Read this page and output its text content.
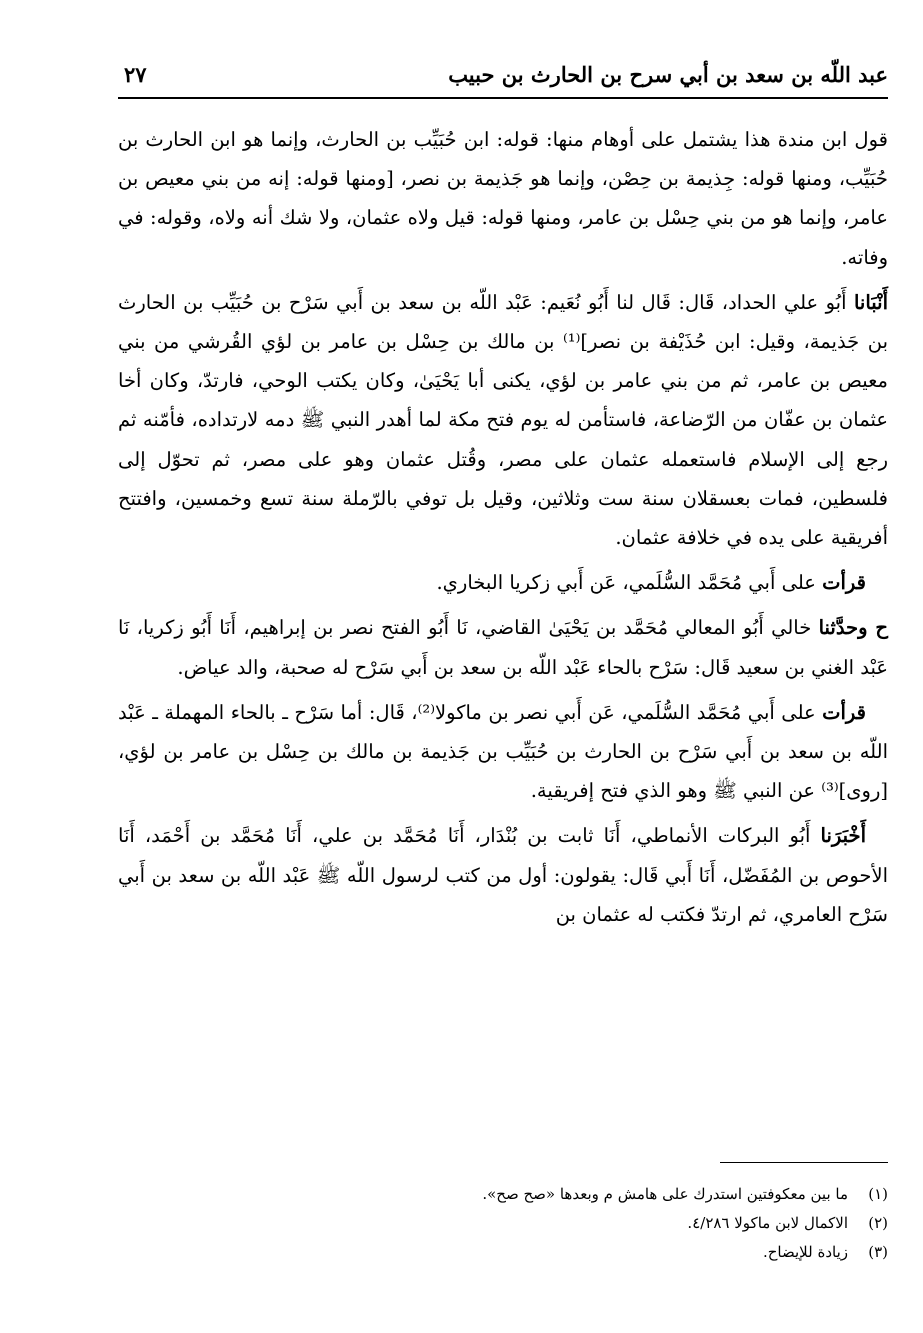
عبد اللّه بن سعد بن أبي سرح بن الحارث بن حبيب
٢٧

قول ابن مندة هذا يشتمل على أوهام منها: قوله: ابن حُبَيِّب بن الحارث، وإنما هو ابن الحارث بن حُبَيِّب، ومنها قوله: جِذيمة بن حِصْن، وإنما هو جَذيمة بن نصر، [ومنها قوله: إنه من بني معيص بن عامر، وإنما هو من بني حِسْل بن عامر، ومنها قوله: قيل ولاه عثمان، ولا شك أنه ولاه، وقوله: في وفاته.

أَنْبَانا أَبُو علي الحداد، قَال: قَال لنا أَبُو نُعَيم: عَبْد اللّه بن سعد بن أَبي سَرْح بن حُبَيِّب بن الحارث بن جَذيمة، وقيل: ابن حُذَيْفة بن نصر]⁽¹⁾ بن مالك بن حِسْل بن عامر بن لؤي القُرشي من بني معيص بن عامر، ثم من بني عامر بن لؤي، يكنى أبا يَحْيَىٰ، وكان يكتب الوحي، فارتدّ، وكان أخا عثمان بن عفّان من الرّضاعة، فاستأمن له يوم فتح مكة لما أهدر النبي ﷺ دمه لارتداده، فأمّنه ثم رجع إلى الإسلام فاستعمله عثمان على مصر، وقُتل عثمان وهو على مصر، ثم تحوّل إلى فلسطين، فمات بعسقلان سنة ست وثلاثين، وقيل بل توفي بالرّملة سنة تسع وخمسين، وافتتح أفريقية على يده في خلافة عثمان.

قرأت على أَبي مُحَمَّد السُّلَمي، عَن أَبي زكريا البخاري.

ح وحدَّثنا خالي أَبُو المعالي مُحَمَّد بن يَحْيَىٰ القاضي، نَا أَبُو الفتح نصر بن إبراهيم، أَنَا أَبُو زكريا، نَا عَبْد الغني بن سعيد قَال: سَرْح بالحاء عَبْد اللّه بن سعد بن أَبي سَرْح له صحبة، والد عياض.

قرأت على أَبي مُحَمَّد السُّلَمي، عَن أَبي نصر بن ماكولا⁽²⁾، قَال: أما سَرْح ـ بالحاء المهملة ـ عَبْد اللّه بن سعد بن أَبي سَرْح بن الحارث بن حُبَيِّب بن جَذيمة بن مالك بن حِسْل بن عامر بن لؤي، [روى]⁽³⁾ عن النبي ﷺ وهو الذي فتح إفريقية.

أَخْبَرَنا أَبُو البركات الأنماطي، أَنَا ثابت بن بُنْدَار، أَنَا مُحَمَّد بن علي، أَنَا مُحَمَّد بن أَحْمَد، أَنَا الأحوص بن المُفَضّل، أَنَا أَبي قَال: يقولون: أول من كتب لرسول اللّه ﷺ عَبْد اللّه بن سعد بن أَبي سَرْح العامري، ثم ارتدّ فكتب له عثمان بن

(١)ما بين معكوفتين استدرك على هامش م وبعدها «صح صح».
(٢)الاكمال لابن ماكولا ٤/٢٨٦.
(٣)زيادة للإيضاح.
